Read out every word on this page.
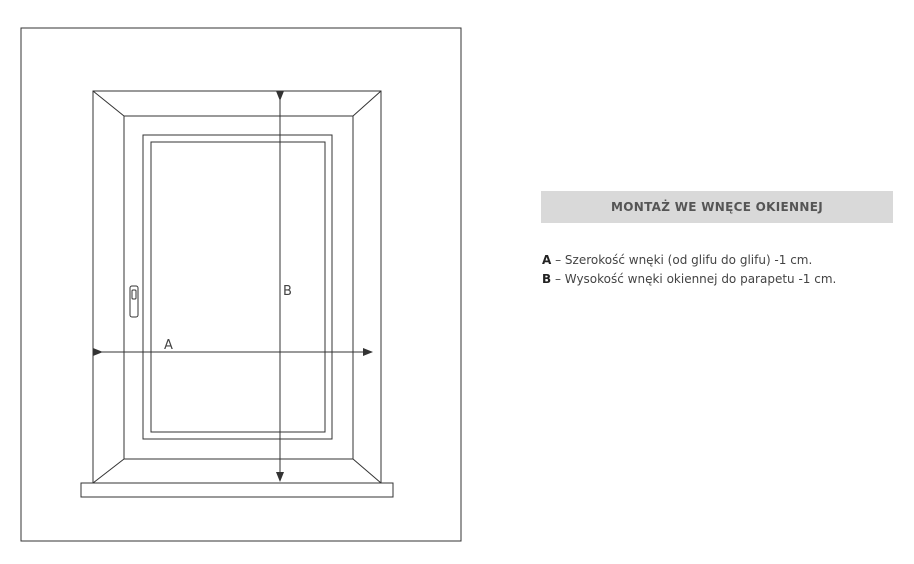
A
B
MONTAŻ WE WNĘCE OKIENNEJ
A – Szerokość wnęki (od glifu do glifu) -1 cm.
B – Wysokość wnęki okiennej do parapetu -1 cm.
